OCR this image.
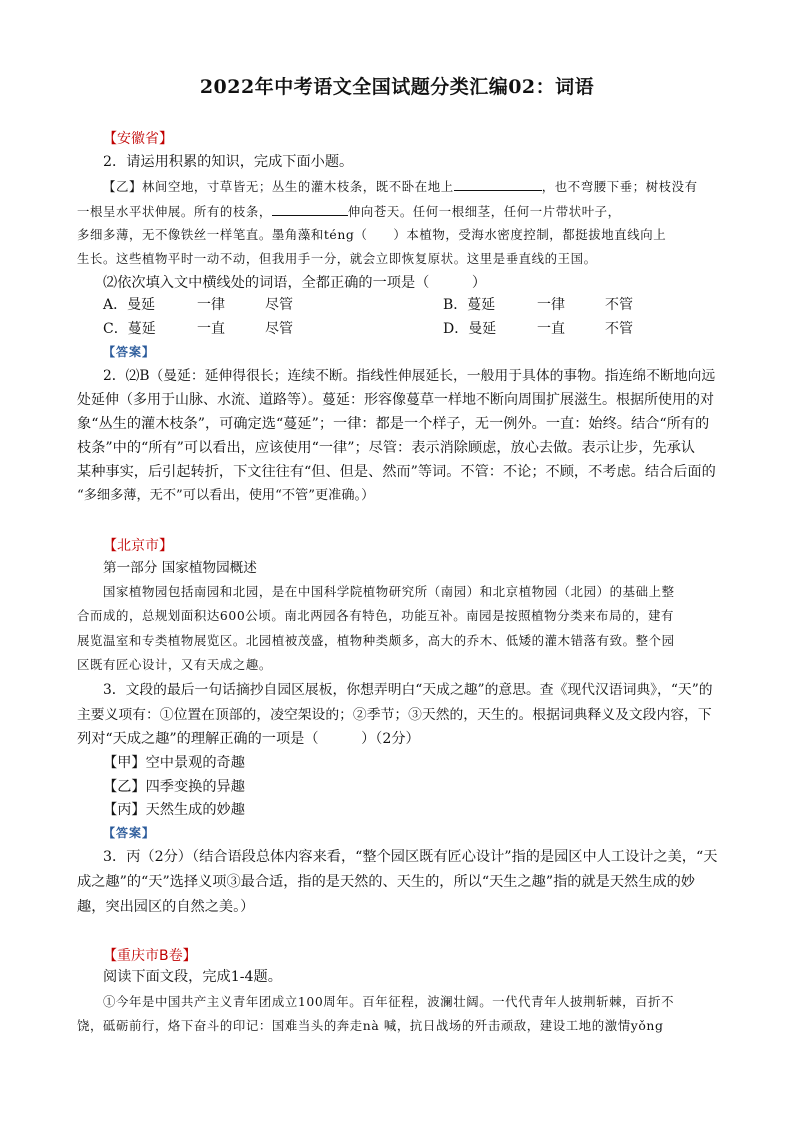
2022年中考语文全国试题分类汇编02：词语
【安徽省】
2．请运用积累的知识，完成下面小题。
【乙】林间空地，寸草皆无；丛生的灌木枝条，既不卧在地上	，也不弯腰下垂；树枝没有
一根呈水平状伸展。所有的枝条，	伸向苍天。任何一根细茎，任何一片带状叶子，
多细多薄，无不像铁丝一样笔直。墨角藻和téng（　　）本植物，受海水密度控制，都挺拔地直线向上
生长。这些植物平时一动不动，但我用手一分，就会立即恢复原状。这里是垂直线的王国。
⑵依次填入文中横线处的词语，全都正确的一项是（　　　）
A．曼延	一律	尽管	B．蔓延	一律	不管
C．蔓延	一直	尽管	D．曼延	一直	不管
【答案】
2．⑵B（曼延：延伸得很长；连续不断。指线性伸展延长，一般用于具体的事物。指连绵不断地向远
处延伸（多用于山脉、水流、道路等）。蔓延：形容像蔓草一样地不断向周围扩展滋生。根据所使用的对
象“丛生的灌木枝条”，可确定选“蔓延”；一律：都是一个样子，无一例外。一直：始终。结合“所有的
枝条”中的“所有”可以看出，应该使用“一律”；尽管：表示消除顾虑，放心去做。表示让步，先承认
某种事实，后引起转折，下文往往有“但、但是、然而”等词。不管：不论；不顾，不考虑。结合后面的
“多细多薄，无不”可以看出，使用“不管”更准确。）
【北京市】
第一部分 国家植物园概述
国家植物园包括南园和北园，是在中国科学院植物研究所（南园）和北京植物园（北园）的基础上整
合而成的，总规划面积达600公顷。南北两园各有特色，功能互补。南园是按照植物分类来布局的，建有
展览温室和专类植物展览区。北园植被茂盛，植物种类颇多，高大的乔木、低矮的灌木错落有致。整个园
区既有匠心设计，又有天成之趣。
3．文段的最后一句话摘抄自园区展板，你想弄明白“天成之趣”的意思。查《现代汉语词典》，“天”的
主要义项有：①位置在顶部的，凌空架设的；②季节；③天然的，天生的。根据词典释义及文段内容，下
列对“天成之趣”的理解正确的一项是（　　　）（2分）
【甲】空中景观的奇趣
【乙】四季变换的异趣
【丙】天然生成的妙趣
【答案】
3．丙（2分）（结合语段总体内容来看，“整个园区既有匠心设计”指的是园区中人工设计之美，“天
成之趣”的“天”选择义项③最合适，指的是天然的、天生的，所以“天生之趣”指的就是天然生成的妙
趣，突出园区的自然之美。）
【重庆市B卷】
阅读下面文段，完成1-4题。
①今年是中国共产主义青年团成立100周年。百年征程，波澜壮阔。一代代青年人披荆斩棘，百折不
饶，砥砺前行，烙下奋斗的印记：国难当头的奔走nà 喊，抗日战场的歼击顽敌，建设工地的激情yǒng
